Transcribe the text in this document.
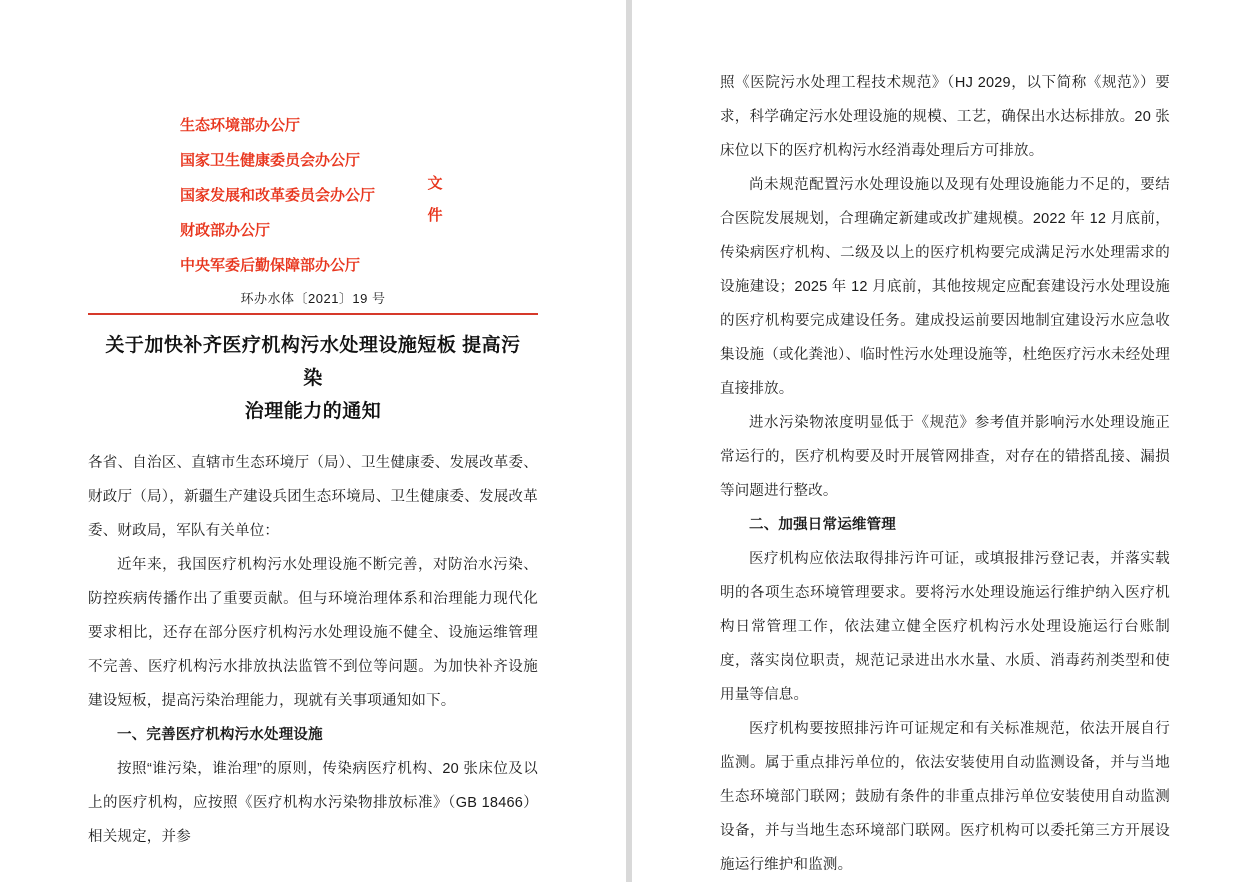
生态环境部办公厅
国家卫生健康委员会办公厅
国家发展和改革委员会办公厅
财政部办公厅
中央军委后勤保障部办公厅
文
件
环办水体〔2021〕19 号
关于加快补齐医疗机构污水处理设施短板 提高污染
治理能力的通知

各省、自治区、直辖市生态环境厅（局）、卫生健康委、发展改革委、财政厅（局），新疆生产建设兵团生态环境局、卫生健康委、发展改革委、财政局，军队有关单位：

近年来，我国医疗机构污水处理设施不断完善，对防治水污染、防控疾病传播作出了重要贡献。但与环境治理体系和治理能力现代化要求相比，还存在部分医疗机构污水处理设施不健全、设施运维管理不完善、医疗机构污水排放执法监管不到位等问题。为加快补齐设施建设短板，提高污染治理能力，现就有关事项通知如下。

一、完善医疗机构污水处理设施

按照“谁污染，谁治理”的原则，传染病医疗机构、20 张床位及以上的医疗机构，应按照《医疗机构水污染物排放标准》（GB 18466）相关规定，并参

照《医院污水处理工程技术规范》（HJ 2029，以下简称《规范》）要求，科学确定污水处理设施的规模、工艺，确保出水达标排放。20 张床位以下的医疗机构污水经消毒处理后方可排放。

尚未规范配置污水处理设施以及现有处理设施能力不足的，要结合医院发展规划，合理确定新建或改扩建规模。2022 年 12 月底前，传染病医疗机构、二级及以上的医疗机构要完成满足污水处理需求的设施建设；2025 年 12 月底前，其他按规定应配套建设污水处理设施的医疗机构要完成建设任务。建成投运前要因地制宜建设污水应急收集设施（或化粪池）、临时性污水处理设施等，杜绝医疗污水未经处理直接排放。

进水污染物浓度明显低于《规范》参考值并影响污水处理设施正常运行的，医疗机构要及时开展管网排查，对存在的错搭乱接、漏损等问题进行整改。

二、加强日常运维管理

医疗机构应依法取得排污许可证，或填报排污登记表，并落实载明的各项生态环境管理要求。要将污水处理设施运行维护纳入医疗机构日常管理工作，依法建立健全医疗机构污水处理设施运行台账制度，落实岗位职责，规范记录进出水水量、水质、消毒药剂类型和使用量等信息。

医疗机构要按照排污许可证规定和有关标准规范，依法开展自行监测。属于重点排污单位的，依法安装使用自动监测设备，并与当地生态环境部门联网；鼓励有条件的非重点排污单位安装使用自动监测设备，并与当地生态环境部门联网。医疗机构可以委托第三方开展设施运行维护和监测。
